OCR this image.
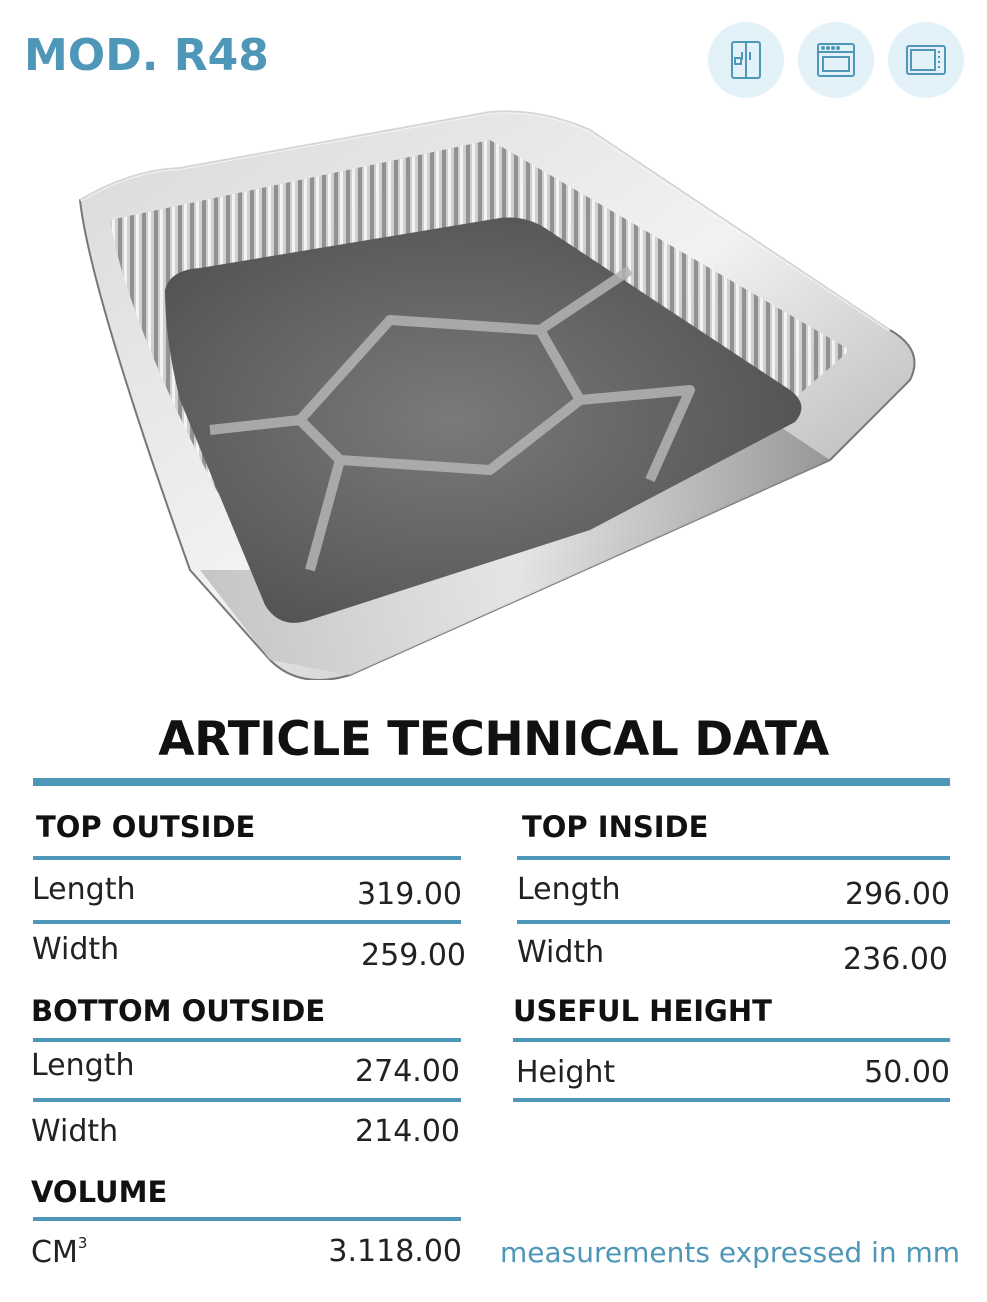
MOD. R48
ARTICLE TECHNICAL DATA
TOP OUTSIDE
Length	319.00
Width	259.00
TOP INSIDE
Length	296.00
Width	236.00
BOTTOM OUTSIDE
Length	274.00
Width	214.00
USEFUL HEIGHT
Height	50.00
VOLUME
$CM^3$	3.118.00 measurements expressed in mm
